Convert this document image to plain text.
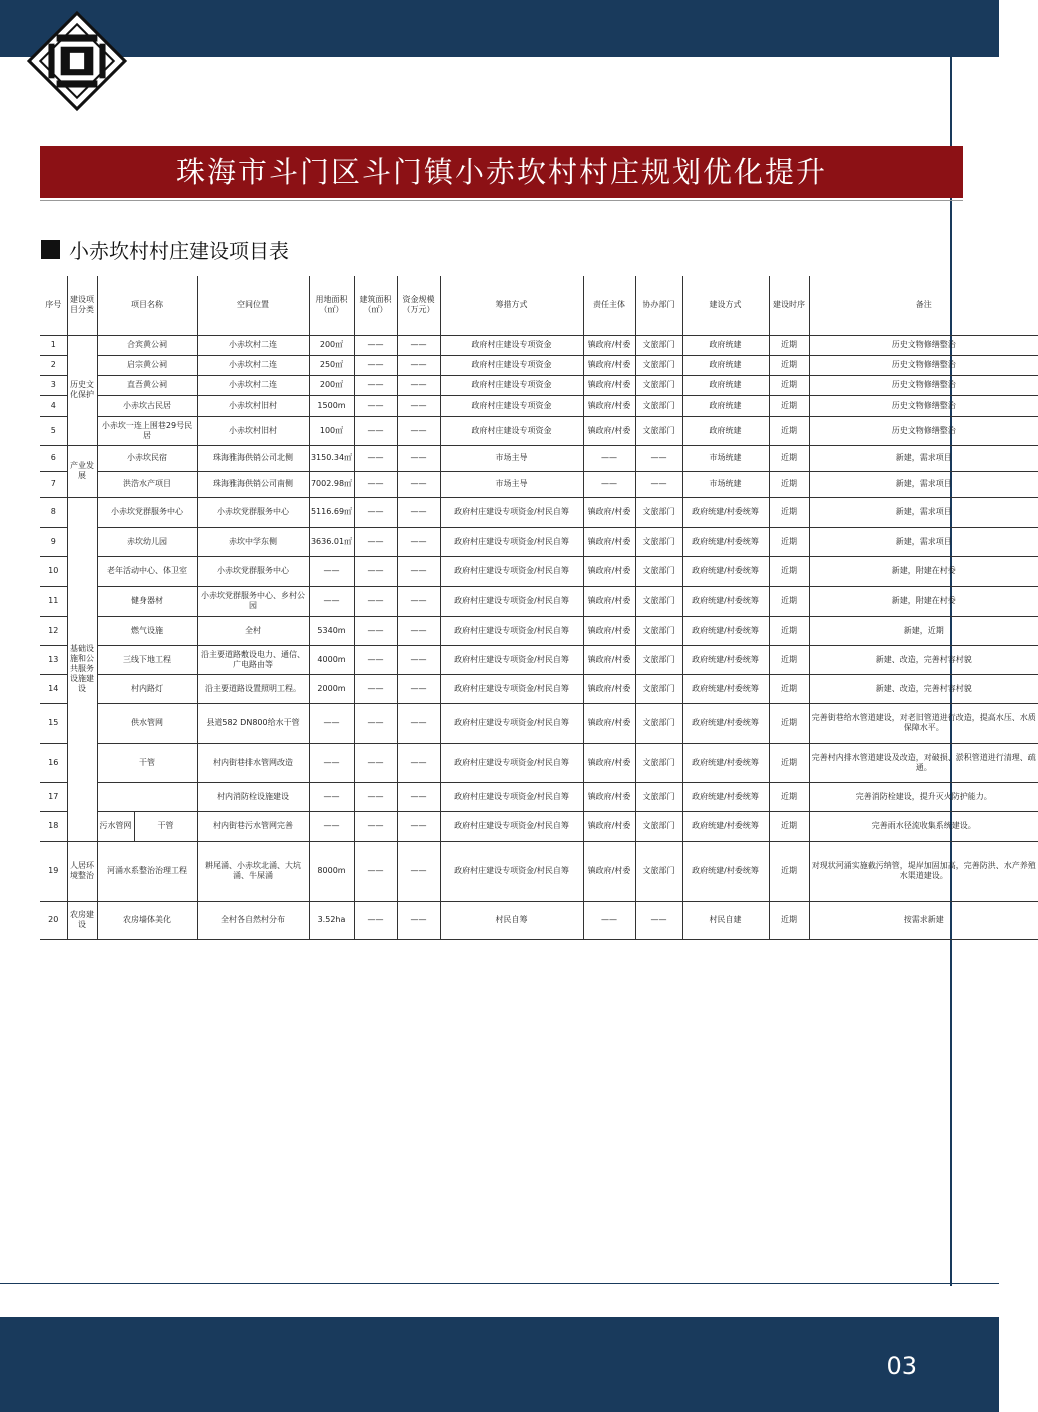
珠海市斗门区斗门镇小赤坎村村庄规划优化提升
小赤坎村村庄建设项目表
序号	建设项目分类	项目名称	空间位置	用地面积（㎡）	建筑面积（㎡）	资金规模（万元）	筹措方式	责任主体	协办部门	建设方式	建设时序	备注
1	历史文化保护	合宾黄公祠	小赤坎村二连	200㎡	——	——	政府村庄建设专项资金	镇政府/村委	文旅部门	政府统建	近期	历史文物修缮整治
2		启宗黄公祠	小赤坎村二连	250㎡	——	——	政府村庄建设专项资金	镇政府/村委	文旅部门	政府统建	近期	历史文物修缮整治
3		直吾黄公祠	小赤坎村二连	200㎡	——	——	政府村庄建设专项资金	镇政府/村委	文旅部门	政府统建	近期	历史文物修缮整治
4		小赤坎古民居	小赤坎村旧村	1500m	——	——	政府村庄建设专项资金	镇政府/村委	文旅部门	政府统建	近期	历史文物修缮整治
5		小赤坎一连上围巷29号民居	小赤坎村旧村	100㎡	——	——	政府村庄建设专项资金	镇政府/村委	文旅部门	政府统建	近期	历史文物修缮整治
6	产业发展	小赤坎民宿	珠海雅海供销公司北侧	3150.34㎡	——	——	市场主导	——	——	市场统建	近期	新建，需求项目
7		洪浩水产项目	珠海雅海供销公司南侧	7002.98㎡	——	——	市场主导	——	——	市场统建	近期	新建，需求项目
8	基础设施和公共服务设施建设	小赤坎党群服务中心	小赤坎党群服务中心	5116.69㎡	——	——	政府村庄建设专项资金/村民自筹	镇政府/村委	文旅部门	政府统建/村委统筹	近期	新建，需求项目
9		赤坎幼儿园	赤坎中学东侧	3636.01㎡	——	——	政府村庄建设专项资金/村民自筹	镇政府/村委	文旅部门	政府统建/村委统筹	近期	新建，需求项目
10		老年活动中心、体卫室	小赤坎党群服务中心	——	——	——	政府村庄建设专项资金/村民自筹	镇政府/村委	文旅部门	政府统建/村委统筹	近期	新建，附建在村委
11		健身器材	小赤坎党群服务中心、乡村公园	——	——	——	政府村庄建设专项资金/村民自筹	镇政府/村委	文旅部门	政府统建/村委统筹	近期	新建，附建在村委
12		燃气设施	全村	5340m	——	——	政府村庄建设专项资金/村民自筹	镇政府/村委	文旅部门	政府统建/村委统筹	近期	新建，近期
13		三线下地工程	沿主要道路敷设电力、通信、广电路由等	4000m	——	——	政府村庄建设专项资金/村民自筹	镇政府/村委	文旅部门	政府统建/村委统筹	近期	新建、改造，完善村容村貌
14		村内路灯	沿主要道路设置照明工程。	2000m	——	——	政府村庄建设专项资金/村民自筹	镇政府/村委	文旅部门	政府统建/村委统筹	近期	新建、改造，完善村容村貌
15		供水管网	县道582 DN800给水干管	——	——	——	政府村庄建设专项资金/村民自筹	镇政府/村委	文旅部门	政府统建/村委统筹	近期	完善街巷给水管道建设，对老旧管道进行改造，提高水压、水质保障水平。
16		干管	村内街巷排水管网改造	——	——	——	政府村庄建设专项资金/村民自筹	镇政府/村委	文旅部门	政府统建/村委统筹	近期	完善村内排水管道建设及改造，对破损、淤积管道进行清理、疏通。
17			村内消防栓设施建设	——	——	——	政府村庄建设专项资金/村民自筹	镇政府/村委	文旅部门	政府统建/村委统筹	近期	完善消防栓建设，提升灭火防护能力。
18		污水管网 干管	村内街巷污水管网完善	——	——	——	政府村庄建设专项资金/村民自筹	镇政府/村委	文旅部门	政府统建/村委统筹	近期	完善雨水径流收集系统建设。
19	人居环境整治	河涌水系整治治理工程	耕尾涌、小赤坎北涌、大坑涌、牛屎涌	8000m	——	——	政府村庄建设专项资金/村民自筹	镇政府/村委	文旅部门	政府统建/村委统筹	近期	对现状河涌实施截污纳管，堤岸加固加高，完善防洪、水产养殖水渠道建设。
20	农房建设	农房墙体美化	全村各自然村分布	3.52ha	——	——	村民自筹	——	——	村民自建	近期	按需求新建
03
